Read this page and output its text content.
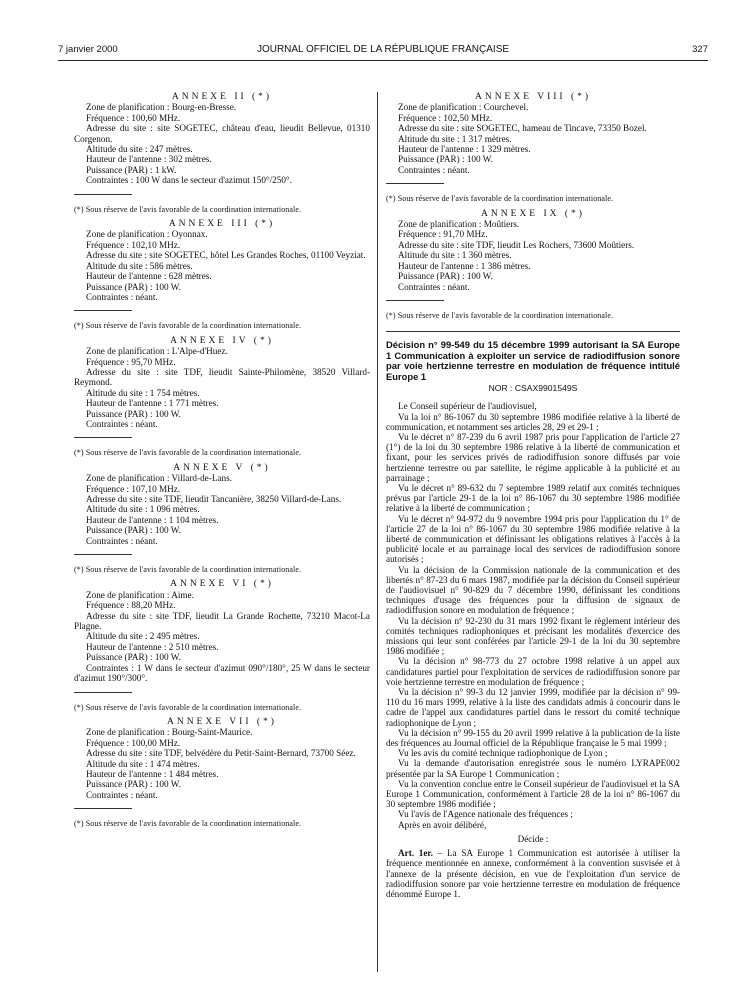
7 janvier 2000	JOURNAL OFFICIEL DE LA RÉPUBLIQUE FRANÇAISE	327

ANNEXE II (*)

Zone de planification : Bourg-en-Bresse.

Fréquence : 100,60 MHz.

Adresse du site : site SOGETEC, château d'eau, lieudit Bellevue, 01310 Corgenon.

Altitude du site : 247 mètres.

Hauteur de l'antenne : 302 mètres.

Puissance (PAR) : 1 kW.

Contraintes : 100 W dans le secteur d'azimut 150°/250°.

(*) Sous réserve de l'avis favorable de la coordination internationale.

ANNEXE III (*)

Zone de planification : Oyonnax.

Fréquence : 102,10 MHz.

Adresse du site : site SOGETEC, hôtel Les Grandes Roches, 01100 Veyziat.

Altitude du site : 586 mètres.

Hauteur de l'antenne : 628 mètres.

Puissance (PAR) : 100 W.

Contraintes : néant.

(*) Sous réserve de l'avis favorable de la coordination internationale.

ANNEXE IV (*)

Zone de planification : L'Alpe-d'Huez.

Fréquence : 95,70 MHz.

Adresse du site : site TDF, lieudit Sainte-Philomène, 38520 Villard-Reymond.

Altitude du site : 1 754 mètres.

Hauteur de l'antenne : 1 771 mètres.

Puissance (PAR) : 100 W.

Contraintes : néant.

(*) Sous réserve de l'avis favorable de la coordination internationale.

ANNEXE V (*)

Zone de planification : Villard-de-Lans.

Fréquence : 107,10 MHz.

Adresse du site : site TDF, lieudit Tancanière, 38250 Villard-de-Lans.

Altitude du site : 1 096 mètres.

Hauteur de l'antenne : 1 104 mètres.

Puissance (PAR) : 100 W.

Contraintes : néant.

(*) Sous réserve de l'avis favorable de la coordination internationale.

ANNEXE VI (*)

Zone de planification : Aime.

Fréquence : 88,20 MHz.

Adresse du site : site TDF, lieudit La Grande Rochette, 73210 Macot-La Plagne.

Altitude du site : 2 495 mètres.

Hauteur de l'antenne : 2 510 mètres.

Puissance (PAR) : 100 W.

Contraintes : 1 W dans le secteur d'azimut 090°/180°, 25 W dans le secteur d'azimut 190°/300°.

(*) Sous réserve de l'avis favorable de la coordination internationale.

ANNEXE VII (*)

Zone de planification : Bourg-Saint-Maurice.

Fréquence : 100,00 MHz.

Adresse du site : site TDF, belvédère du Petit-Saint-Bernard, 73700 Séez.

Altitude du site : 1 474 mètres.

Hauteur de l'antenne : 1 484 mètres.

Puissance (PAR) : 100 W.

Contraintes : néant.

(*) Sous réserve de l'avis favorable de la coordination internationale.

ANNEXE VIII (*)

Zone de planification : Courchevel.

Fréquence : 102,50 MHz.

Adresse du site : site SOGETEC, hameau de Tincave, 73350 Bozel.

Altitude du site : 1 317 mètres.

Hauteur de l'antenne : 1 329 mètres.

Puissance (PAR) : 100 W.

Contraintes : néant.

(*) Sous réserve de l'avis favorable de la coordination internationale.

ANNEXE IX (*)

Zone de planification : Moûtiers.

Fréquence : 91,70 MHz.

Adresse du site : site TDF, lieudit Les Rochers, 73600 Moûtiers.

Altitude du site : 1 360 mètres.

Hauteur de l'antenne : 1 386 mètres.

Puissance (PAR) : 100 W.

Contraintes : néant.

(*) Sous réserve de l'avis favorable de la coordination internationale.

Décision n° 99-549 du 15 décembre 1999 autorisant la SA Europe 1 Communication à exploiter un service de radiodiffusion sonore par voie hertzienne terrestre en modulation de fréquence intitulé Europe 1

NOR : CSAX9901549S

Le Conseil supérieur de l'audiovisuel,

Vu la loi n° 86-1067 du 30 septembre 1986 modifiée relative à la liberté de communication, et notamment ses articles 28, 29 et 29-1 ;

Vu le décret n° 87-239 du 6 avril 1987 pris pour l'application de l'article 27 (1°) de la loi du 30 septembre 1986 relative à la liberté de communication et fixant, pour les services privés de radiodiffusion sonore diffusés par voie hertzienne terrestre ou par satellite, le régime applicable à la publicité et au parrainage ;

Vu le décret n° 89-632 du 7 septembre 1989 relatif aux comités techniques prévus par l'article 29-1 de la loi n° 86-1067 du 30 septembre 1986 modifiée relative à la liberté de communication ;

Vu le décret n° 94-972 du 9 novembre 1994 pris pour l'application du 1° de l'article 27 de la loi n° 86-1067 du 30 septembre 1986 modifiée relative à la liberté de communication et définissant les obligations relatives à l'accès à la publicité locale et au parrainage local des services de radiodiffusion sonore autorisés ;

Vu la décision de la Commission nationale de la communication et des libertés n° 87-23 du 6 mars 1987, modifiée par la décision du Conseil supérieur de l'audiovisuel n° 90-829 du 7 décembre 1990, définissant les conditions techniques d'usage des fréquences pour la diffusion de signaux de radiodiffusion sonore en modulation de fréquence ;

Vu la décision n° 92-230 du 31 mars 1992 fixant le règlement intérieur des comités techniques radiophoniques et précisant les modalités d'exercice des missions qui leur sont conférées par l'article 29-1 de la loi du 30 septembre 1986 modifiée ;

Vu la décision n° 98-773 du 27 octobre 1998 relative à un appel aux candidatures partiel pour l'exploitation de services de radiodiffusion sonore par voie hertzienne terrestre en modulation de fréquence ;

Vu la décision n° 99-3 du 12 janvier 1999, modifiée par la décision n° 99-110 du 16 mars 1999, relative à la liste des candidats admis à concourir dans le cadre de l'appel aux candidatures partiel dans le ressort du comité technique radiophonique de Lyon ;

Vu la décision n° 99-155 du 20 avril 1999 relative à la publication de la liste des fréquences au Journal officiel de la République française le 5 mai 1999 ;

Vu les avis du comité technique radiophonique de Lyon ;

Vu la demande d'autorisation enregistrée sous le numéro LYRAPE002 présentée par la SA Europe 1 Communication ;

Vu la convention conclue entre le Conseil supérieur de l'audiovisuel et la SA Europe 1 Communication, conformément à l'article 28 de la loi n° 86-1067 du 30 septembre 1986 modifiée ;

Vu l'avis de l'Agence nationale des fréquences ;

Après en avoir délibéré,

Décide :

Art. 1er. – La SA Europe 1 Communication est autorisée à utiliser la fréquence mentionnée en annexe, conformément à la convention susvisée et à l'annexe de la présente décision, en vue de l'exploitation d'un service de radiodiffusion sonore par voie hertzienne terrestre en modulation de fréquence dénommé Europe 1.
